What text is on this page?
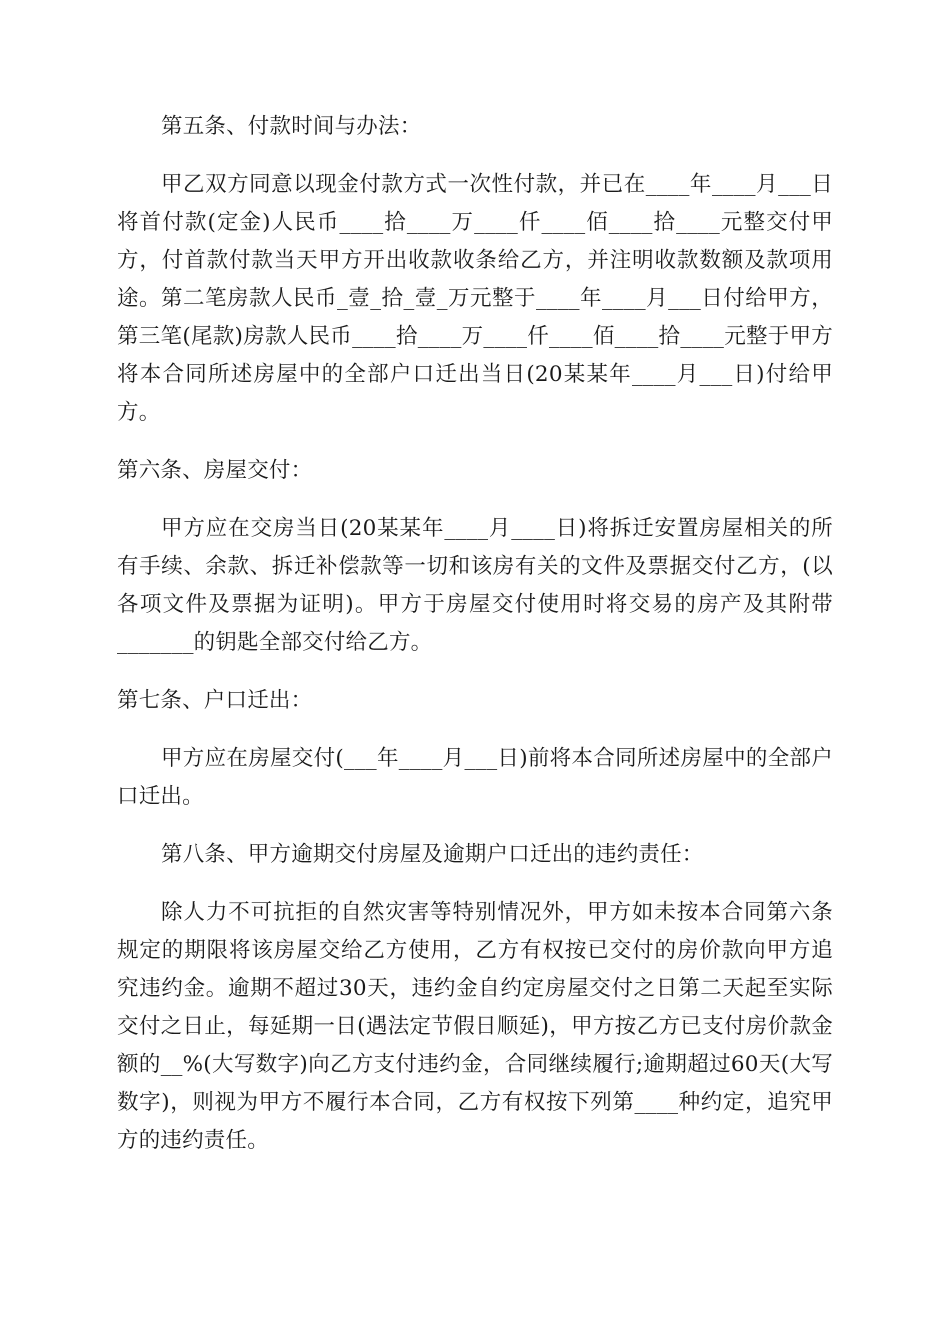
第五条、付款时间与办法：

甲乙双方同意以现金付款方式一次性付款，并已在____年____月___日将首付款(定金)人民币____拾____万____仟____佰____拾____元整交付甲方，付首款付款当天甲方开出收款收条给乙方，并注明收款数额及款项用途。第二笔房款人民币_壹_拾_壹_万元整于____年____月___日付给甲方，第三笔(尾款)房款人民币____拾____万____仟____佰____拾____元整于甲方将本合同所述房屋中的全部户口迁出当日(20某某年____月___日)付给甲方。

第六条、房屋交付：

甲方应在交房当日(20某某年____月____日)将拆迁安置房屋相关的所有手续、余款、拆迁补偿款等一切和该房有关的文件及票据交付乙方，(以各项文件及票据为证明)。甲方于房屋交付使用时将交易的房产及其附带_______的钥匙全部交付给乙方。

第七条、户口迁出：

甲方应在房屋交付(___年____月___日)前将本合同所述房屋中的全部户口迁出。

第八条、甲方逾期交付房屋及逾期户口迁出的违约责任：

除人力不可抗拒的自然灾害等特别情况外，甲方如未按本合同第六条规定的期限将该房屋交给乙方使用，乙方有权按已交付的房价款向甲方追究违约金。逾期不超过30天，违约金自约定房屋交付之日第二天起至实际交付之日止，每延期一日(遇法定节假日顺延)，甲方按乙方已支付房价款金额的__%(大写数字)向乙方支付违约金，合同继续履行;逾期超过60天(大写数字)，则视为甲方不履行本合同，乙方有权按下列第____种约定，追究甲方的违约责任。
